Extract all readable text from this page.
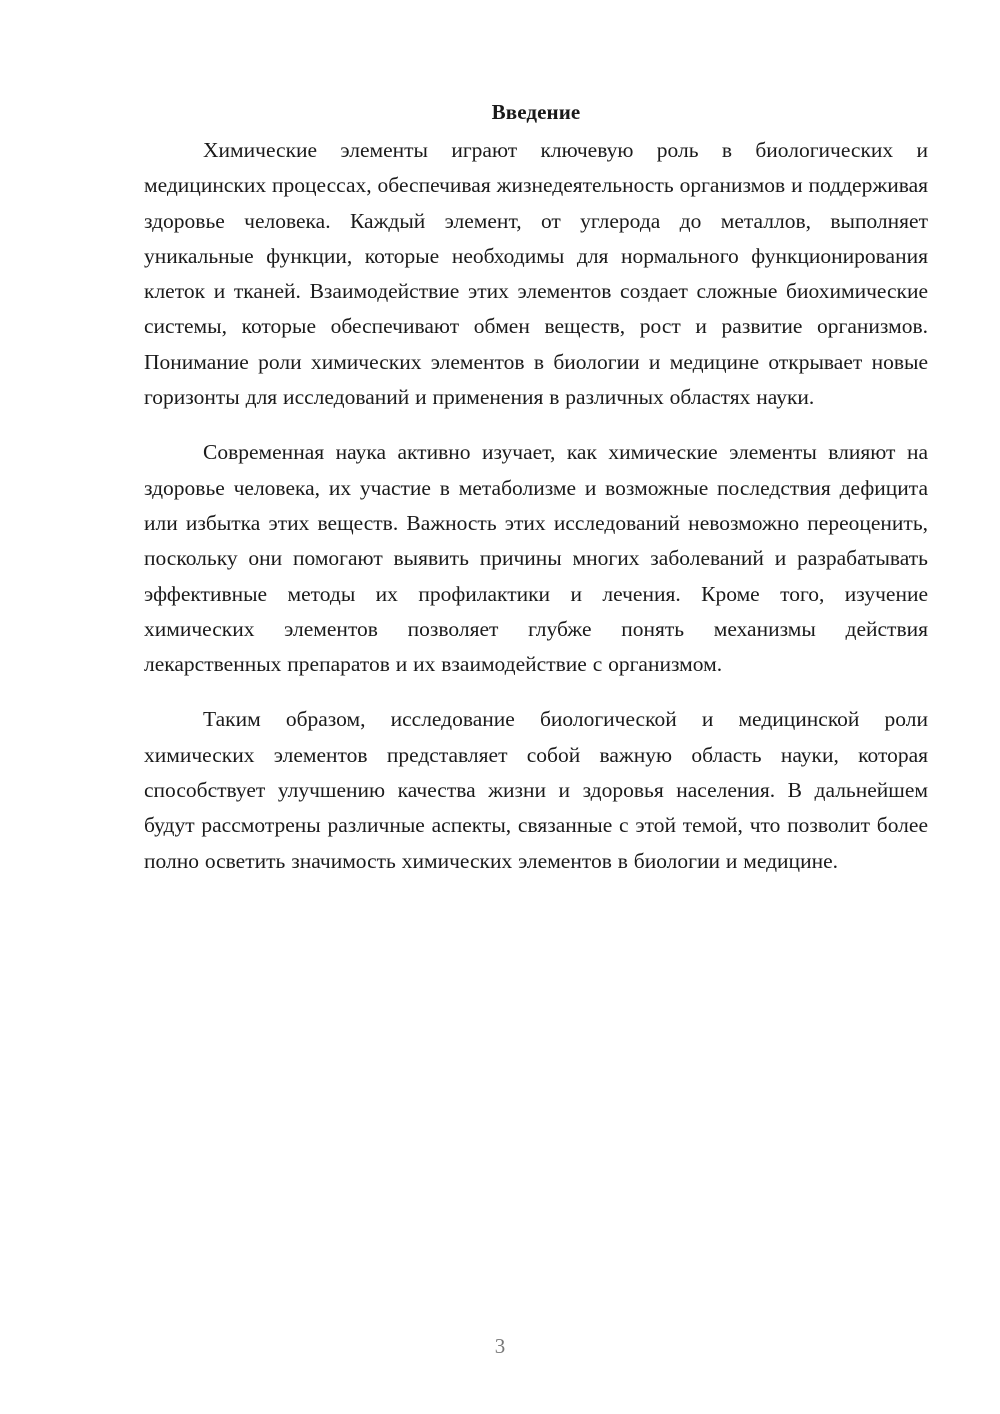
Введение

Химические элементы играют ключевую роль в биологических и медицинских процессах, обеспечивая жизнедеятельность организмов и поддерживая здоровье человека. Каждый элемент, от углерода до металлов, выполняет уникальные функции, которые необходимы для нормального функционирования клеток и тканей. Взаимодействие этих элементов создает сложные биохимические системы, которые обеспечивают обмен веществ, рост и развитие организмов. Понимание роли химических элементов в биологии и медицине открывает новые горизонты для исследований и применения в различных областях науки.

Современная наука активно изучает, как химические элементы влияют на здоровье человека, их участие в метаболизме и возможные последствия дефицита или избытка этих веществ. Важность этих исследований невозможно переоценить, поскольку они помогают выявить причины многих заболеваний и разрабатывать эффективные методы их профилактики и лечения. Кроме того, изучение химических элементов позволяет глубже понять механизмы действия лекарственных препаратов и их взаимодействие с организмом.

Таким образом, исследование биологической и медицинской роли химических элементов представляет собой важную область науки, которая способствует улучшению качества жизни и здоровья населения. В дальнейшем будут рассмотрены различные аспекты, связанные с этой темой, что позволит более полно осветить значимость химических элементов в биологии и медицине.

3
